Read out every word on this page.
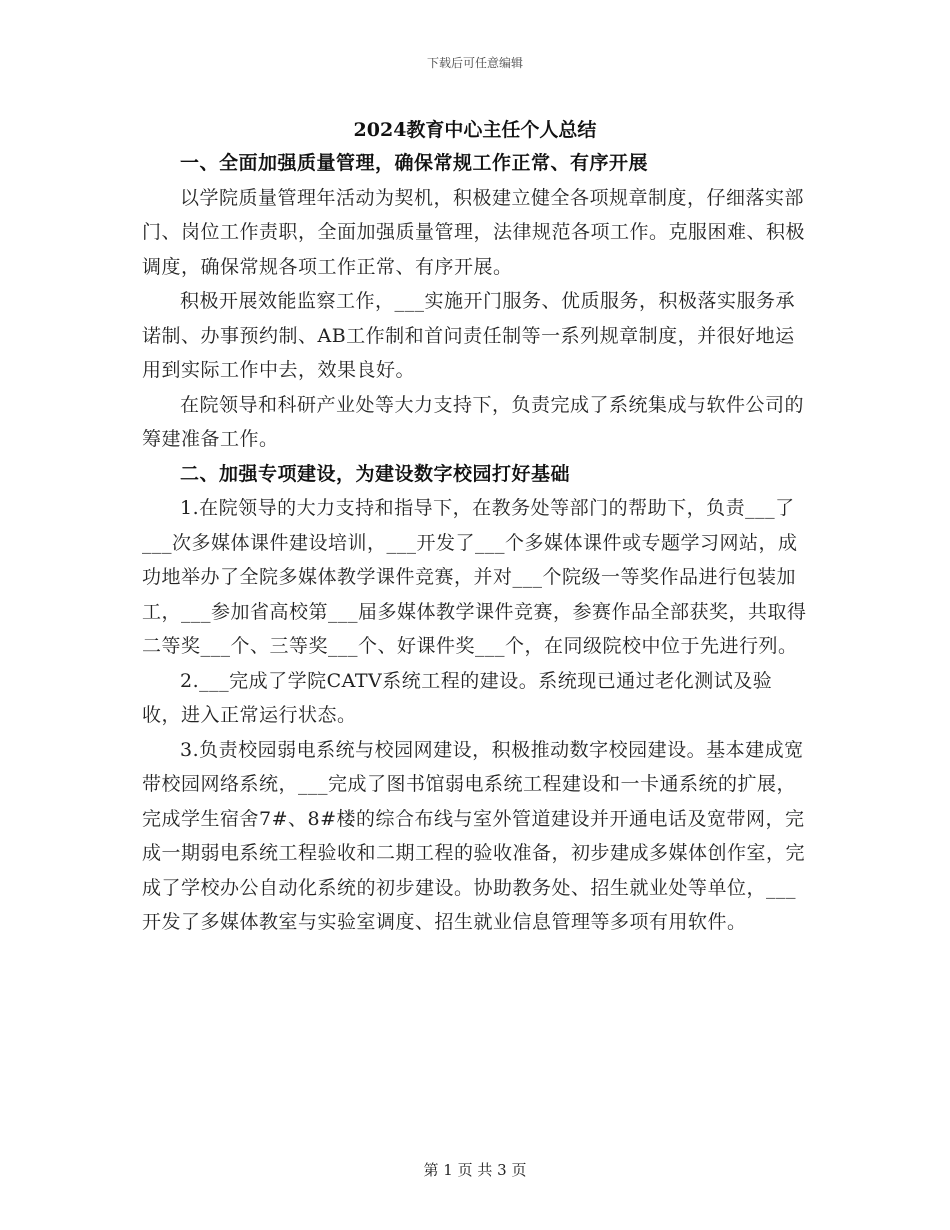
下载后可任意编辑
2024教育中心主任个人总结

一、全面加强质量管理，确保常规工作正常、有序开展

以学院质量管理年活动为契机，积极建立健全各项规章制度，仔细落实部门、岗位工作责职，全面加强质量管理，法律规范各项工作。克服困难、积极调度，确保常规各项工作正常、有序开展。

积极开展效能监察工作，___实施开门服务、优质服务，积极落实服务承诺制、办事预约制、AB工作制和首问责任制等一系列规章制度，并很好地运用到实际工作中去，效果良好。

在院领导和科研产业处等大力支持下，负责完成了系统集成与软件公司的筹建准备工作。

二、加强专项建设，为建设数字校园打好基础

1.在院领导的大力支持和指导下，在教务处等部门的帮助下，负责___了___次多媒体课件建设培训，___开发了___个多媒体课件或专题学习网站，成功地举办了全院多媒体教学课件竞赛，并对___个院级一等奖作品进行包装加工，___参加省高校第___届多媒体教学课件竞赛，参赛作品全部获奖，共取得二等奖___个、三等奖___个、好课件奖___个，在同级院校中位于先进行列。

2.___完成了学院CATV系统工程的建设。系统现已通过老化测试及验收，进入正常运行状态。

3.负责校园弱电系统与校园网建设，积极推动数字校园建设。基本建成宽带校园网络系统，___完成了图书馆弱电系统工程建设和一卡通系统的扩展，完成学生宿舍7#、8#楼的综合布线与室外管道建设并开通电话及宽带网，完成一期弱电系统工程验收和二期工程的验收准备，初步建成多媒体创作室，完成了学校办公自动化系统的初步建设。协助教务处、招生就业处等单位，___开发了多媒体教室与实验室调度、招生就业信息管理等多项有用软件。

第 1 页 共 3 页
